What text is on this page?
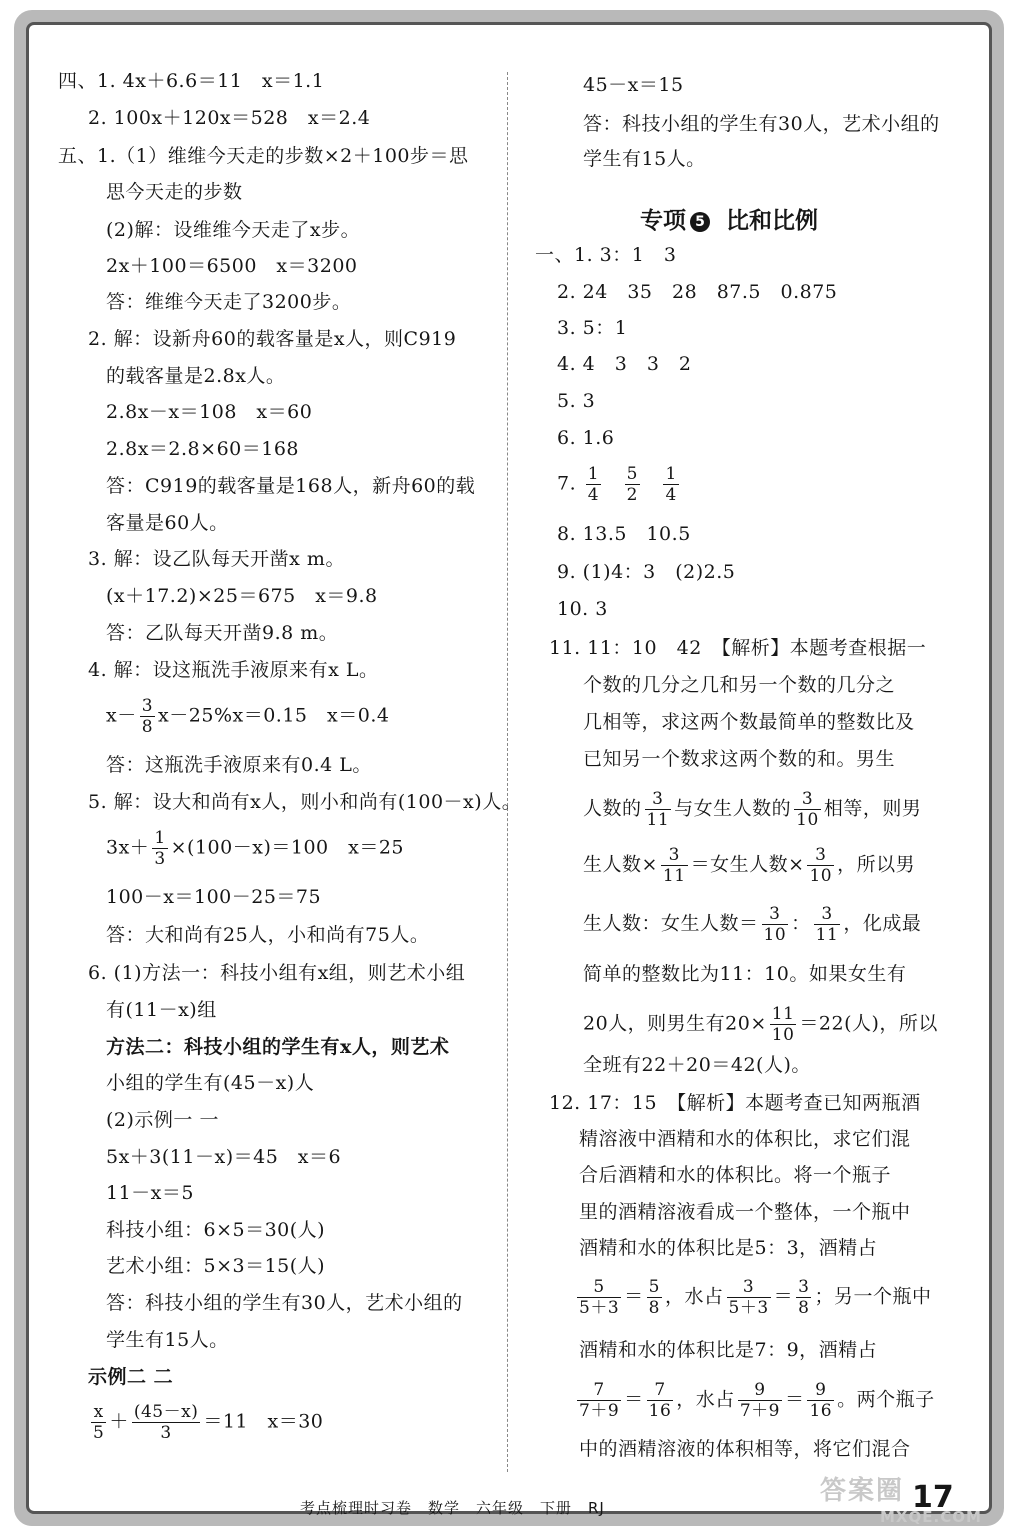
四、1. 4x＋6.6＝11　x＝1.1
2. 100x＋120x＝528　x＝2.4
五、1.（1）维维今天走的步数×2＋100步＝思
思今天走的步数
(2)解：设维维今天走了x步。
2x＋100＝6500　x＝3200
答：维维今天走了3200步。
2. 解：设新舟60的载客量是x人，则C919
的载客量是2.8x人。
2.8x－x＝108　x＝60
2.8x＝2.8×60＝168
答：C919的载客量是168人，新舟60的载
客量是60人。
3. 解：设乙队每天开凿x m。
(x＋17.2)×25＝675　x＝9.8
答：乙队每天开凿9.8 m。
4. 解：设这瓶洗手液原来有x L。
$x- \frac{3}{8} x-25\%x=0.15$　x＝0.4
答：这瓶洗手液原来有0.4 L。
5. 解：设大和尚有x人，则小和尚有(100－x)人。
$3x+ \frac{1}{3} \times(100-x)=100$　x＝25
100－x＝100－25＝75
答：大和尚有25人，小和尚有75人。
6. (1)方法一：科技小组有x组，则艺术小组
有(11－x)组
方法二：科技小组的学生有x人，则艺术
小组的学生有(45－x)人
(2)示例一 一
5x＋3(11－x)＝45　x＝6
11－x＝5
科技小组：6×5＝30(人)
艺术小组：5×3＝15(人)
答：科技小组的学生有30人，艺术小组的
学生有15人。
示例二 二
$\frac{x}{5} + \frac{(45-x)}{3} =11$　x＝30
45－x＝15
答：科技小组的学生有30人，艺术小组的
学生有15人。
专项 5 比和比例
一、1. 3：1　3
2. 24　35　28　87.5　0.875
3. 5：1
4. 4　3　3　2
5. 3
6. 1.6
7. $\frac{1}{4}$
$\frac{5}{2}$
$\frac{1}{4}$
8. 13.5　10.5
9. (1)4：3　(2)2.5
10. 3
11. 11：10　42　【解析】本题考查根据一
个数的几分之几和另一个数的几分之
几相等，求这两个数最简单的整数比及
已知另一个数求这两个数的和。男生
人数的 $\frac{3}{11}$ 与女生人数的 $\frac{3}{10}$ 相等，则男
生人数× $\frac{3}{11}$ ＝女生人数× $\frac{3}{10}$ ，所以男
生人数：女生人数＝ $\frac{3}{10}$ ： $\frac{3}{11}$ ，化成最
简单的整数比为11：10。如果女生有
20人，则男生有$20\times \frac{11}{10} =22$(人)，所以
全班有22＋20＝42(人)。
12. 17：15　【解析】本题考查已知两瓶酒
精溶液中酒精和水的体积比，求它们混
合后酒精和水的体积比。将一个瓶子
里的酒精溶液看成一个整体，一个瓶中
酒精和水的体积比是5：3，酒精占
$\frac{5}{5+3} = \frac{5}{8}$ ，水占 $\frac{3}{5+3} = \frac{3}{8}$ ；另一个瓶中
酒精和水的体积比是7：9，酒精占
$\frac{7}{7+9} = \frac{7}{16}$ ，水占 $\frac{9}{7+9} = \frac{9}{16}$ 。两个瓶子
中的酒精溶液的体积相等，将它们混合
考点梳理时习卷　数学　六年级　下册　RJ
答案圈
MXQE.COM
17
